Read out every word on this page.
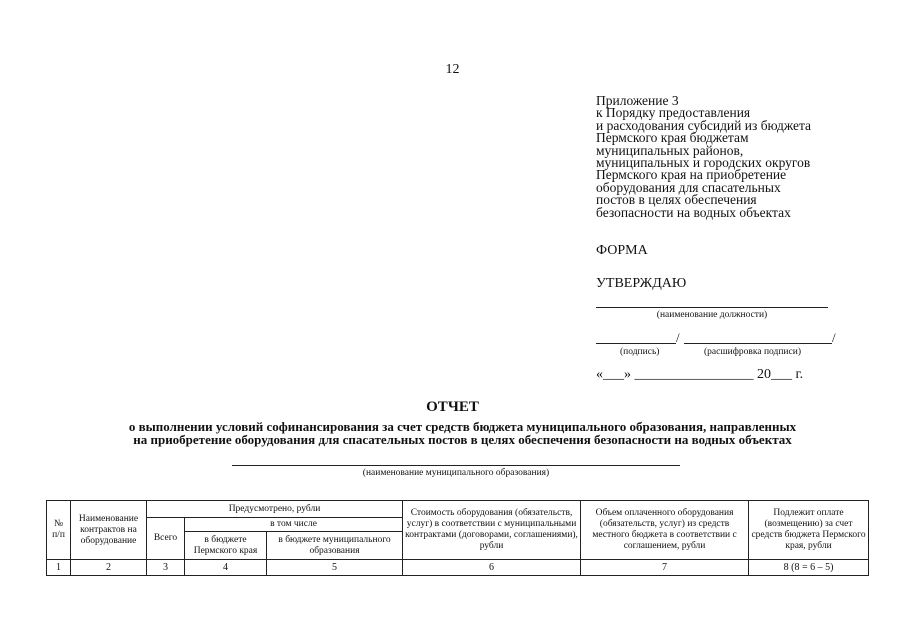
12
Приложение 3
к Порядку предоставления
и расходования субсидий из бюджета
Пермского края бюджетам
муниципальных районов,
муниципальных и городских округов
Пермского края на приобретение
оборудования для спасательных
постов в целях обеспечения
безопасности на водных объектах
ФОРМА
УТВЕРЖДАЮ
(наименование должности)
/	/
(подпись)	(расшифровка подписи)
«___» _________________ 20___ г.
ОТЧЕТ
о выполнении условий софинансирования за счет средств бюджета муниципального образования, направленных
на приобретение оборудования для спасательных постов в целях обеспечения безопасности на водных объектах
(наименование муниципального образования)
№ п/п	Наименование контрактов на оборудование	Предусмотрено, рубли			Стоимость оборудования (обязательств, услуг) в соответствии с муниципальными контрактами (договорами, соглашениями), рубли	Объем оплаченного оборудования (обязательств, услуг) из средств местного бюджета в соответствии с соглашением, рубли	Подлежит оплате (возмещению) за счет средств бюджета Пермского края, рубли
		Всего	в том числе				
			в бюджете Пермского края	в бюджете муниципального образования			
1	2	3	4	5	6	7	8 (8 = 6 – 5)
